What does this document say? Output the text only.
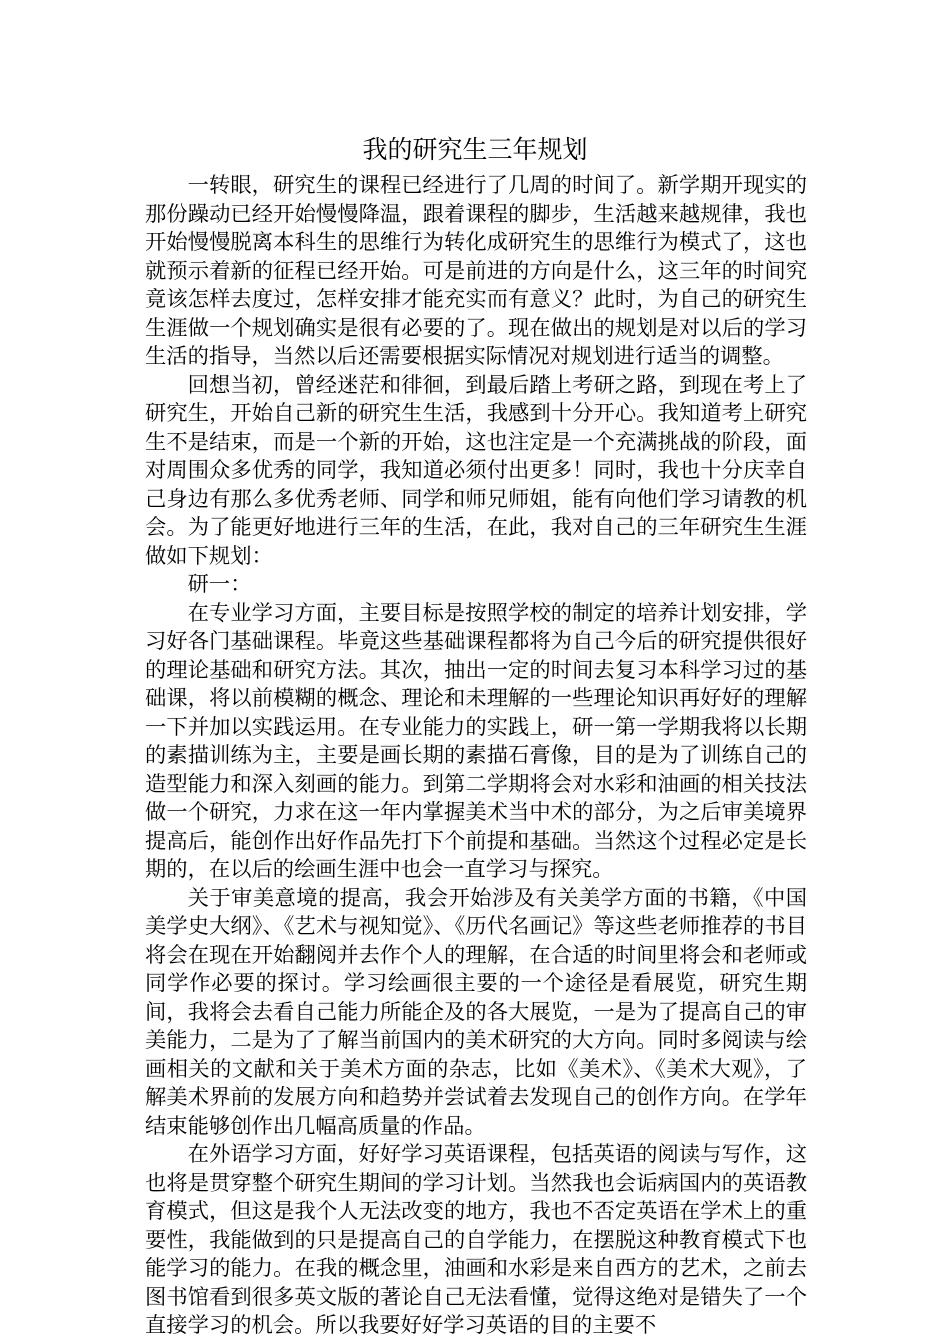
我的研究生三年规划

一转眼，研究生的课程已经进行了几周的时间了。新学期开现实的那份躁动已经开始慢慢降温，跟着课程的脚步，生活越来越规律，我也开始慢慢脱离本科生的思维行为转化成研究生的思维行为模式了，这也就预示着新的征程已经开始。可是前进的方向是什么，这三年的时间究竟该怎样去度过，怎样安排才能充实而有意义？此时，为自己的研究生生涯做一个规划确实是很有必要的了。现在做出的规划是对以后的学习生活的指导，当然以后还需要根据实际情况对规划进行适当的调整。

回想当初，曾经迷茫和徘徊，到最后踏上考研之路，到现在考上了研究生，开始自己新的研究生生活，我感到十分开心。我知道考上研究生不是结束，而是一个新的开始，这也注定是一个充满挑战的阶段，面对周围众多优秀的同学，我知道必须付出更多！同时，我也十分庆幸自己身边有那么多优秀老师、同学和师兄师姐，能有向他们学习请教的机会。为了能更好地进行三年的生活，在此，我对自己的三年研究生生涯做如下规划：

研一：

在专业学习方面，主要目标是按照学校的制定的培养计划安排，学习好各门基础课程。毕竟这些基础课程都将为自己今后的研究提供很好的理论基础和研究方法。其次，抽出一定的时间去复习本科学习过的基础课，将以前模糊的概念、理论和未理解的一些理论知识再好好的理解一下并加以实践运用。在专业能力的实践上，研一第一学期我将以长期的素描训练为主，主要是画长期的素描石膏像，目的是为了训练自己的造型能力和深入刻画的能力。到第二学期将会对水彩和油画的相关技法做一个研究，力求在这一年内掌握美术当中术的部分，为之后审美境界提高后，能创作出好作品先打下个前提和基础。当然这个过程必定是长期的，在以后的绘画生涯中也会一直学习与探究。

关于审美意境的提高，我会开始涉及有关美学方面的书籍，《中国美学史大纲》、《艺术与视知觉》、《历代名画记》等这些老师推荐的书目将会在现在开始翻阅并去作个人的理解，在合适的时间里将会和老师或同学作必要的探讨。学习绘画很主要的一个途径是看展览，研究生期间，我将会去看自己能力所能企及的各大展览，一是为了提高自己的审美能力，二是为了了解当前国内的美术研究的大方向。同时多阅读与绘画相关的文献和关于美术方面的杂志，比如《美术》、《美术大观》，了解美术界前的发展方向和趋势并尝试着去发现自己的创作方向。在学年结束能够创作出几幅高质量的作品。

在外语学习方面，好好学习英语课程，包括英语的阅读与写作，这也将是贯穿整个研究生期间的学习计划。当然我也会诟病国内的英语教育模式，但这是我个人无法改变的地方，我也不否定英语在学术上的重要性，我能做到的只是提高自己的自学能力，在摆脱这种教育模式下也能学习的能力。在我的概念里，油画和水彩是来自西方的艺术，之前去图书馆看到很多英文版的著论自己无法看懂，觉得这绝对是错失了一个直接学习的机会。所以我要好好学习英语的目的主要不
